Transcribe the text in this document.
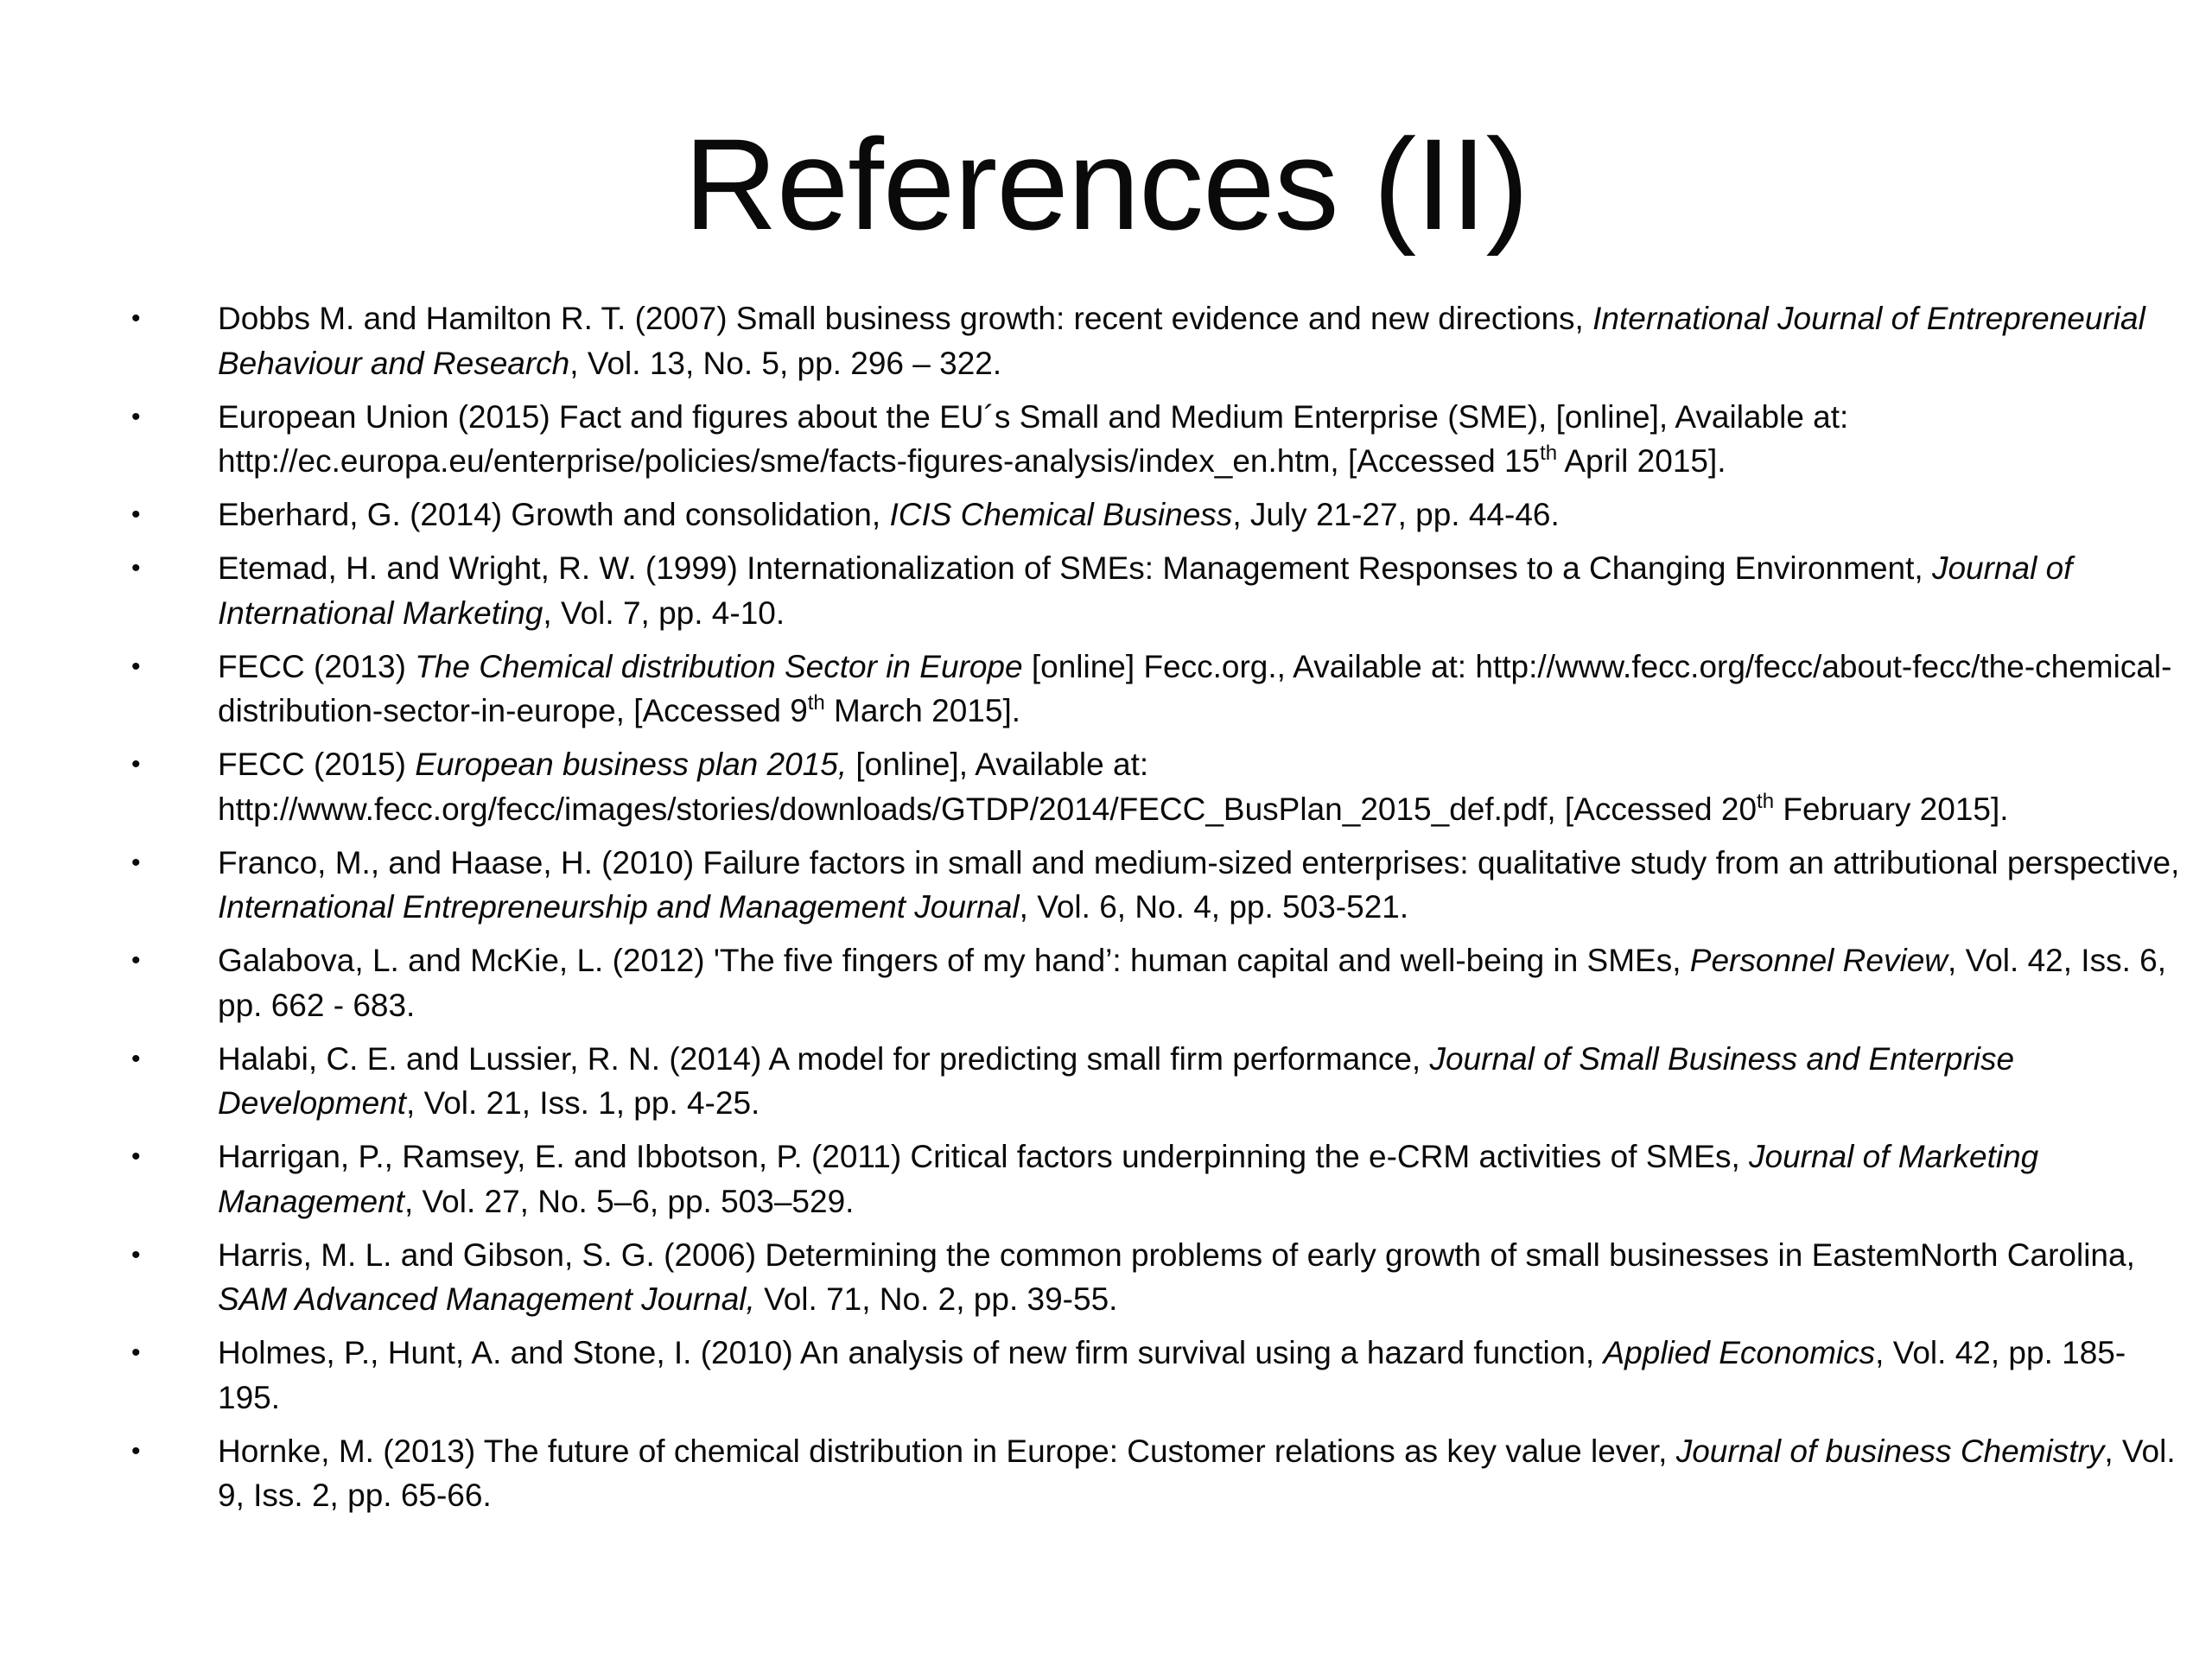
References (II)
• Dobbs M. and Hamilton R. T. (2007) Small business growth: recent evidence and new directions, International Journal of Entrepreneurial Behaviour and Research, Vol. 13, No. 5, pp. 296 – 322.
• European Union (2015) Fact and figures about the EU´s Small and Medium Enterprise (SME), [online], Available at: http://ec.europa.eu/enterprise/policies/sme/facts-figures-analysis/index_en.htm, [Accessed 15th April 2015].
• Eberhard, G. (2014) Growth and consolidation, ICIS Chemical Business, July 21-27, pp. 44-46.
• Etemad, H. and Wright, R. W. (1999) Internationalization of SMEs: Management Responses to a Changing Environment, Journal of International Marketing, Vol. 7, pp. 4-10.
• FECC (2013) The Chemical distribution Sector in Europe [online] Fecc.org., Available at: http://www.fecc.org/fecc/about-fecc/the-chemical-distribution-sector-in-europe, [Accessed 9th March 2015].
• FECC (2015) European business plan 2015, [online], Available at: http://www.fecc.org/fecc/images/stories/downloads/GTDP/2014/FECC_BusPlan_2015_def.pdf, [Accessed 20th February 2015].
• Franco, M., and Haase, H. (2010) Failure factors in small and medium-sized enterprises: qualitative study from an attributional perspective, International Entrepreneurship and Management Journal, Vol. 6, No. 4, pp. 503-521.
• Galabova, L. and McKie, L. (2012) 'The five fingers of my hand’: human capital and well-being in SMEs, Personnel Review, Vol. 42, Iss. 6, pp. 662 - 683.
• Halabi, C. E. and Lussier, R. N. (2014) A model for predicting small firm performance, Journal of Small Business and Enterprise Development, Vol. 21, Iss. 1, pp. 4-25.
• Harrigan, P., Ramsey, E. and Ibbotson, P. (2011) Critical factors underpinning the e-CRM activities of SMEs, Journal of Marketing Management, Vol. 27, No. 5–6, pp. 503–529.
• Harris, M. L. and Gibson, S. G. (2006) Determining the common problems of early growth of small businesses in EastemNorth Carolina, SAM Advanced Management Journal, Vol. 71, No. 2, pp. 39-55.
• Holmes, P., Hunt, A. and Stone, I. (2010) An analysis of new firm survival using a hazard function, Applied Economics, Vol. 42, pp. 185-195.
• Hornke, M. (2013) The future of chemical distribution in Europe: Customer relations as key value lever, Journal of business Chemistry, Vol. 9, Iss. 2, pp. 65-66.
